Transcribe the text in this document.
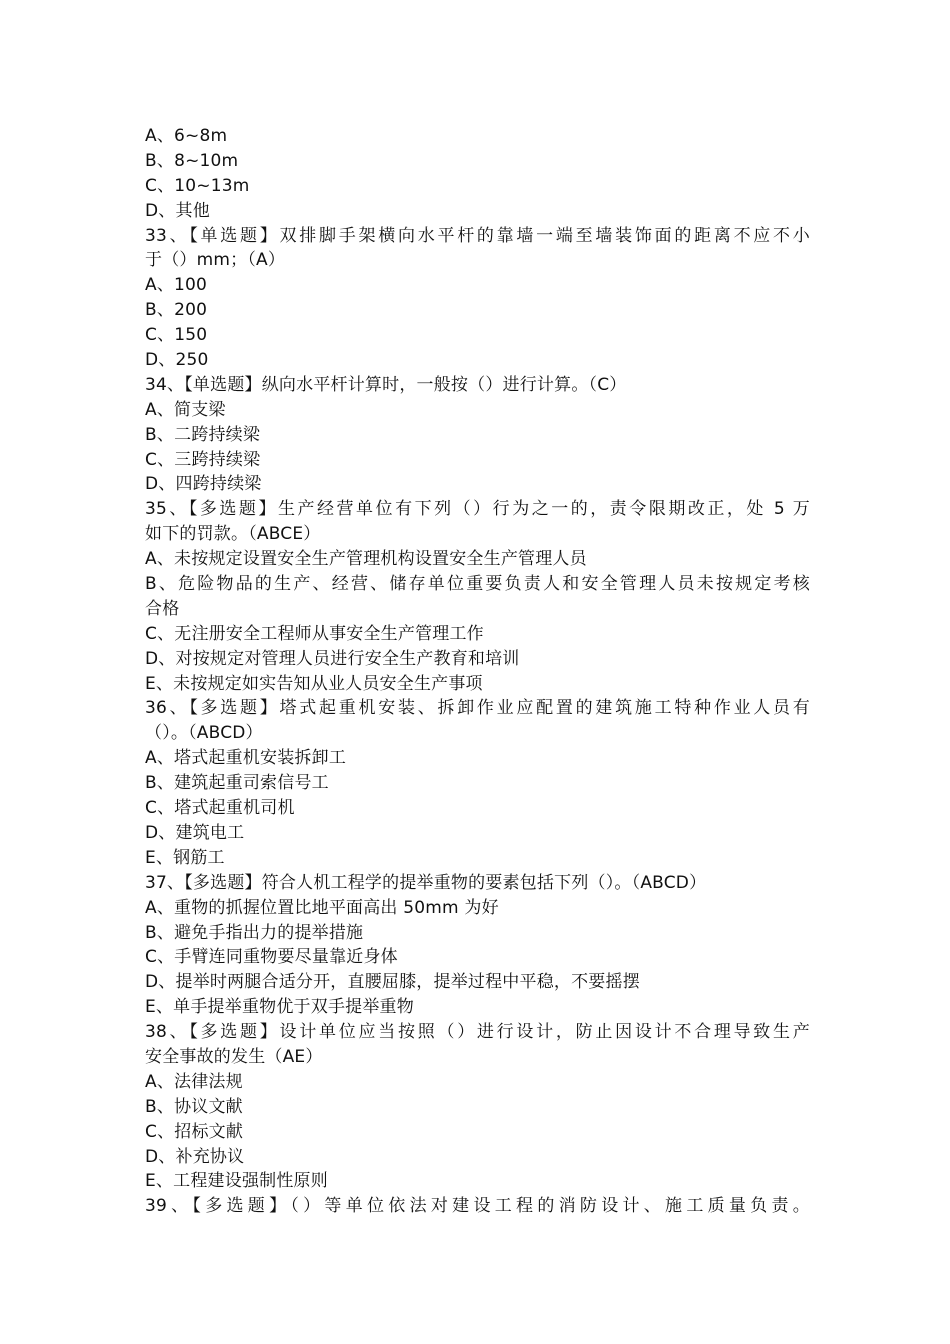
A、6~8m
B、8~10m
C、10~13m
D、其他
33、【单选题】双排脚手架横向水平杆的靠墙一端至墙装饰面的距离不应不小
于（）mm；（A）
A、100
B、200
C、150
D、250
34、【单选题】纵向水平杆计算时，一般按（）进行计算。（C）
A、简支梁
B、二跨持续梁
C、三跨持续梁
D、四跨持续梁
35、【多选题】生产经营单位有下列（）行为之一的，责令限期改正，处 5 万
如下的罚款。（ABCE）
A、未按规定设置安全生产管理机构设置安全生产管理人员
B、危险物品的生产、经营、储存单位重要负责人和安全管理人员未按规定考核
合格
C、无注册安全工程师从事安全生产管理工作
D、对按规定对管理人员进行安全生产教育和培训
E、未按规定如实告知从业人员安全生产事项
36、【多选题】塔式起重机安装、拆卸作业应配置的建筑施工特种作业人员有
（）。（ABCD）
A、塔式起重机安装拆卸工
B、建筑起重司索信号工
C、塔式起重机司机
D、建筑电工
E、钢筋工
37、【多选题】符合人机工程学的提举重物的要素包括下列（）。（ABCD）
A、重物的抓握位置比地平面高出 50mm 为好
B、避免手指出力的提举措施
C、手臂连同重物要尽量靠近身体
D、提举时两腿合适分开，直腰屈膝，提举过程中平稳，不要摇摆
E、单手提举重物优于双手提举重物
38、【多选题】设计单位应当按照（）进行设计，防止因设计不合理导致生产
安全事故的发生（AE）
A、法律法规
B、协议文献
C、招标文献
D、补充协议
E、工程建设强制性原则
39、【多选题】（）等单位依法对建设工程的消防设计、施工质量负责。
